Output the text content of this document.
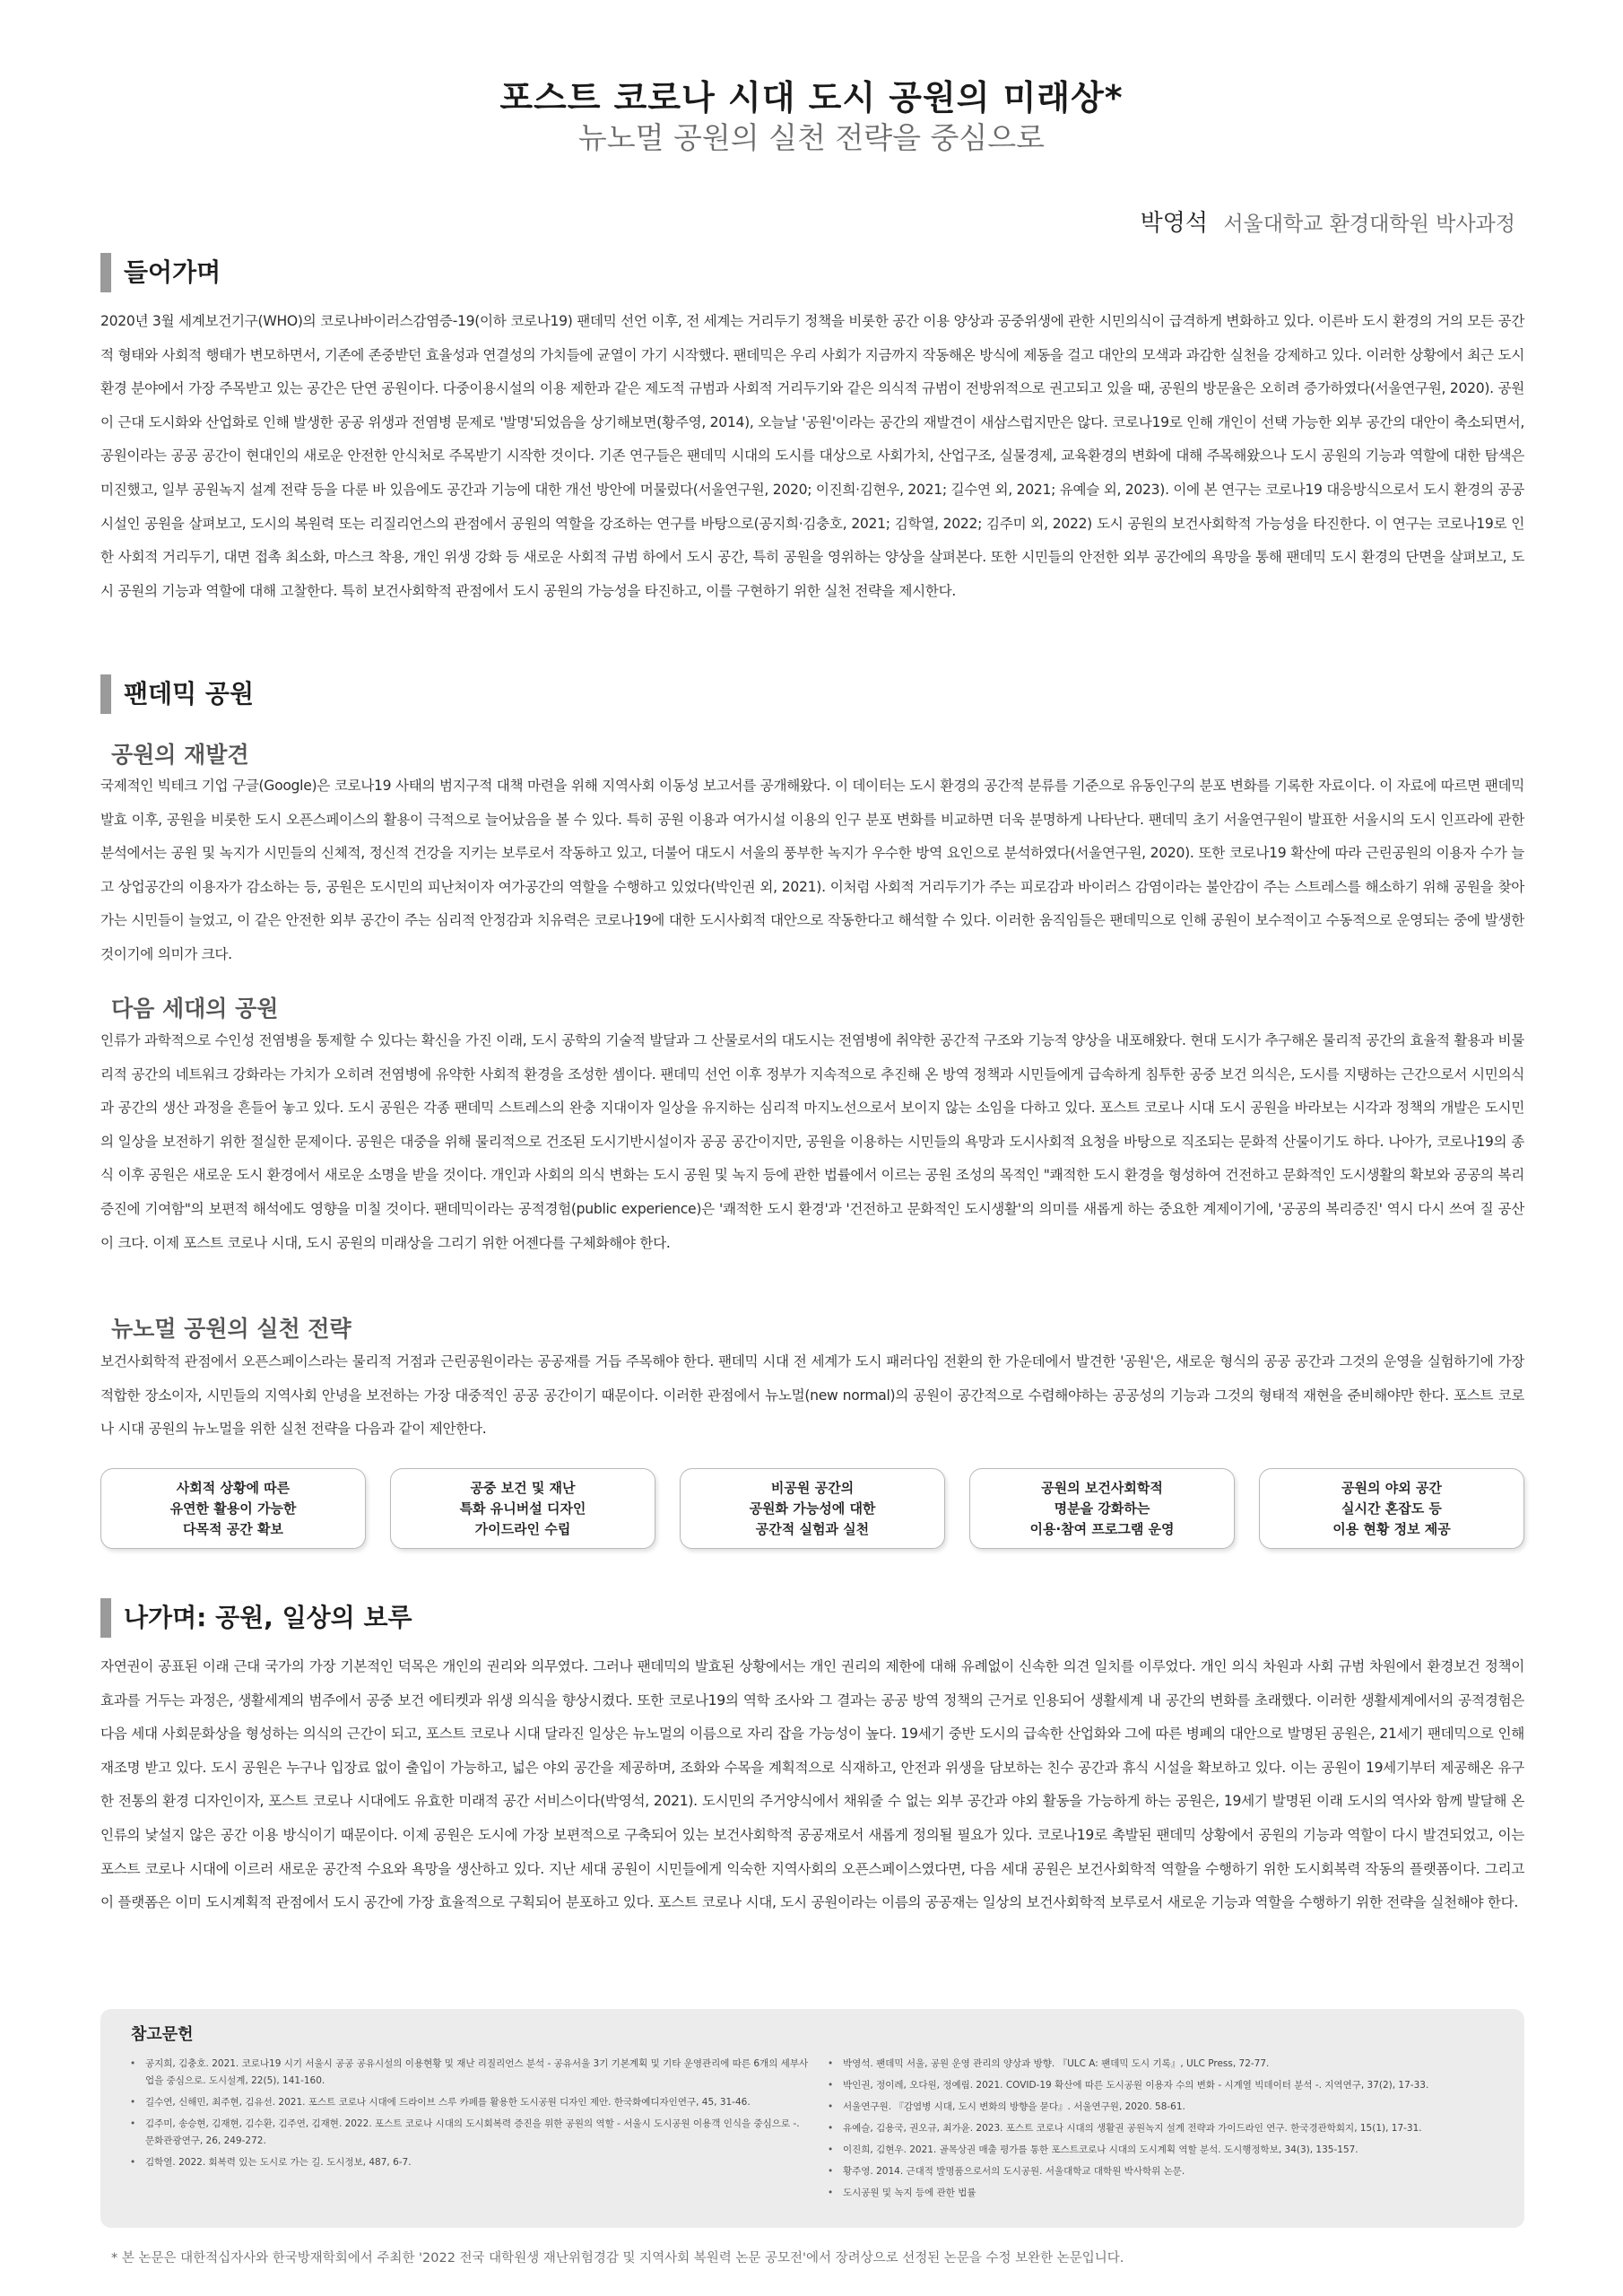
포스트 코로나 시대 도시 공원의 미래상*
뉴노멀 공원의 실천 전략을 중심으로
박영석 서울대학교 환경대학원 박사과정
들어가며
2020년 3월 세계보건기구(WHO)의 코로나바이러스감염증-19(이하 코로나19) 팬데믹 선언 이후, 전 세계는 거리두기 정책을 비롯한 공간 이용 양상과 공중위생에 관한 시민의식이 급격하게 변화하고 있다. 이른바 도시 환경의 거의 모든 공간적 형태와 사회적 행태가 변모하면서, 기존에 존중받던 효율성과 연결성의 가치들에 균열이 가기 시작했다. 팬데믹은 우리 사회가 지금까지 작동해온 방식에 제동을 걸고 대안의 모색과 과감한 실천을 강제하고 있다. 이러한 상황에서 최근 도시 환경 분야에서 가장 주목받고 있는 공간은 단연 공원이다. 다중이용시설의 이용 제한과 같은 제도적 규범과 사회적 거리두기와 같은 의식적 규범이 전방위적으로 권고되고 있을 때, 공원의 방문율은 오히려 증가하였다(서울연구원, 2020). 공원이 근대 도시화와 산업화로 인해 발생한 공공 위생과 전염병 문제로 '발명'되었음을 상기해보면(황주영, 2014), 오늘날 '공원'이라는 공간의 재발견이 새삼스럽지만은 않다. 코로나19로 인해 개인이 선택 가능한 외부 공간의 대안이 축소되면서, 공원이라는 공공 공간이 현대인의 새로운 안전한 안식처로 주목받기 시작한 것이다. 기존 연구들은 팬데믹 시대의 도시를 대상으로 사회가치, 산업구조, 실물경제, 교육환경의 변화에 대해 주목해왔으나 도시 공원의 기능과 역할에 대한 탐색은 미진했고, 일부 공원녹지 설계 전략 등을 다룬 바 있음에도 공간과 기능에 대한 개선 방안에 머물렀다(서울연구원, 2020; 이진희·김현우, 2021; 길수연 외, 2021; 유예슬 외, 2023). 이에 본 연구는 코로나19 대응방식으로서 도시 환경의 공공 시설인 공원을 살펴보고, 도시의 복원력 또는 리질리언스의 관점에서 공원의 역할을 강조하는 연구를 바탕으로(공지희·김충호, 2021; 김학열, 2022; 김주미 외, 2022) 도시 공원의 보건사회학적 가능성을 타진한다. 이 연구는 코로나19로 인한 사회적 거리두기, 대면 접촉 최소화, 마스크 착용, 개인 위생 강화 등 새로운 사회적 규범 하에서 도시 공간, 특히 공원을 영위하는 양상을 살펴본다. 또한 시민들의 안전한 외부 공간에의 욕망을 통해 팬데믹 도시 환경의 단면을 살펴보고, 도시 공원의 기능과 역할에 대해 고찰한다. 특히 보건사회학적 관점에서 도시 공원의 가능성을 타진하고, 이를 구현하기 위한 실천 전략을 제시한다.
팬데믹 공원
공원의 재발견
국제적인 빅테크 기업 구글(Google)은 코로나19 사태의 범지구적 대책 마련을 위해 지역사회 이동성 보고서를 공개해왔다. 이 데이터는 도시 환경의 공간적 분류를 기준으로 유동인구의 분포 변화를 기록한 자료이다. 이 자료에 따르면 팬데믹 발효 이후, 공원을 비롯한 도시 오픈스페이스의 활용이 극적으로 늘어났음을 볼 수 있다. 특히 공원 이용과 여가시설 이용의 인구 분포 변화를 비교하면 더욱 분명하게 나타난다. 팬데믹 초기 서울연구원이 발표한 서울시의 도시 인프라에 관한 분석에서는 공원 및 녹지가 시민들의 신체적, 정신적 건강을 지키는 보루로서 작동하고 있고, 더불어 대도시 서울의 풍부한 녹지가 우수한 방역 요인으로 분석하였다(서울연구원, 2020). 또한 코로나19 확산에 따라 근린공원의 이용자 수가 늘고 상업공간의 이용자가 감소하는 등, 공원은 도시민의 피난처이자 여가공간의 역할을 수행하고 있었다(박인권 외, 2021). 이처럼 사회적 거리두기가 주는 피로감과 바이러스 감염이라는 불안감이 주는 스트레스를 해소하기 위해 공원을 찾아 가는 시민들이 늘었고, 이 같은 안전한 외부 공간이 주는 심리적 안정감과 치유력은 코로나19에 대한 도시사회적 대안으로 작동한다고 해석할 수 있다. 이러한 움직임들은 팬데믹으로 인해 공원이 보수적이고 수동적으로 운영되는 중에 발생한 것이기에 의미가 크다.
다음 세대의 공원
인류가 과학적으로 수인성 전염병을 통제할 수 있다는 확신을 가진 이래, 도시 공학의 기술적 발달과 그 산물로서의 대도시는 전염병에 취약한 공간적 구조와 기능적 양상을 내포해왔다. 현대 도시가 추구해온 물리적 공간의 효율적 활용과 비물리적 공간의 네트워크 강화라는 가치가 오히려 전염병에 유약한 사회적 환경을 조성한 셈이다. 팬데믹 선언 이후 정부가 지속적으로 추진해 온 방역 정책과 시민들에게 급속하게 침투한 공중 보건 의식은, 도시를 지탱하는 근간으로서 시민의식과 공간의 생산 과정을 흔들어 놓고 있다. 도시 공원은 각종 팬데믹 스트레스의 완충 지대이자 일상을 유지하는 심리적 마지노선으로서 보이지 않는 소임을 다하고 있다. 포스트 코로나 시대 도시 공원을 바라보는 시각과 정책의 개발은 도시민의 일상을 보전하기 위한 절실한 문제이다. 공원은 대중을 위해 물리적으로 건조된 도시기반시설이자 공공 공간이지만, 공원을 이용하는 시민들의 욕망과 도시사회적 요청을 바탕으로 직조되는 문화적 산물이기도 하다. 나아가, 코로나19의 종식 이후 공원은 새로운 도시 환경에서 새로운 소명을 받을 것이다. 개인과 사회의 의식 변화는 도시 공원 및 녹지 등에 관한 법률에서 이르는 공원 조성의 목적인 "쾌적한 도시 환경을 형성하여 건전하고 문화적인 도시생활의 확보와 공공의 복리증진에 기여함"의 보편적 해석에도 영향을 미칠 것이다. 팬데믹이라는 공적경험(public experience)은 '쾌적한 도시 환경'과 '건전하고 문화적인 도시생활'의 의미를 새롭게 하는 중요한 계제이기에, '공공의 복리증진' 역시 다시 쓰여 질 공산이 크다. 이제 포스트 코로나 시대, 도시 공원의 미래상을 그리기 위한 어젠다를 구체화해야 한다.
뉴노멀 공원의 실천 전략
보건사회학적 관점에서 오픈스페이스라는 물리적 거점과 근린공원이라는 공공재를 거듭 주목해야 한다. 팬데믹 시대 전 세계가 도시 패러다임 전환의 한 가운데에서 발견한 '공원'은, 새로운 형식의 공공 공간과 그것의 운영을 실험하기에 가장 적합한 장소이자, 시민들의 지역사회 안녕을 보전하는 가장 대중적인 공공 공간이기 때문이다. 이러한 관점에서 뉴노멀(new normal)의 공원이 공간적으로 수렴해야하는 공공성의 기능과 그것의 형태적 재현을 준비해야만 한다. 포스트 코로나 시대 공원의 뉴노멀을 위한 실천 전략을 다음과 같이 제안한다.
사회적 상황에 따른
유연한 활용이 가능한
다목적 공간 확보
공중 보건 및 재난
특화 유니버설 디자인
가이드라인 수립
비공원 공간의
공원화 가능성에 대한
공간적 실험과 실천
공원의 보건사회학적
명분을 강화하는
이용·참여 프로그램 운영
공원의 야외 공간
실시간 혼잡도 등
이용 현황 정보 제공
나가며: 공원, 일상의 보루
자연권이 공표된 이래 근대 국가의 가장 기본적인 덕목은 개인의 권리와 의무였다. 그러나 팬데믹의 발효된 상황에서는 개인 권리의 제한에 대해 유례없이 신속한 의견 일치를 이루었다. 개인 의식 차원과 사회 규범 차원에서 환경보건 정책이 효과를 거두는 과정은, 생활세계의 범주에서 공중 보건 에티켓과 위생 의식을 향상시켰다. 또한 코로나19의 역학 조사와 그 결과는 공공 방역 정책의 근거로 인용되어 생활세계 내 공간의 변화를 초래했다. 이러한 생활세계에서의 공적경험은 다음 세대 사회문화상을 형성하는 의식의 근간이 되고, 포스트 코로나 시대 달라진 일상은 뉴노멀의 이름으로 자리 잡을 가능성이 높다. 19세기 중반 도시의 급속한 산업화와 그에 따른 병폐의 대안으로 발명된 공원은, 21세기 팬데믹으로 인해 재조명 받고 있다. 도시 공원은 누구나 입장료 없이 출입이 가능하고, 넓은 야외 공간을 제공하며, 조화와 수목을 계획적으로 식재하고, 안전과 위생을 담보하는 친수 공간과 휴식 시설을 확보하고 있다. 이는 공원이 19세기부터 제공해온 유구한 전통의 환경 디자인이자, 포스트 코로나 시대에도 유효한 미래적 공간 서비스이다(박영석, 2021). 도시민의 주거양식에서 채워줄 수 없는 외부 공간과 야외 활동을 가능하게 하는 공원은, 19세기 발명된 이래 도시의 역사와 함께 발달해 온 인류의 낯설지 않은 공간 이용 방식이기 때문이다. 이제 공원은 도시에 가장 보편적으로 구축되어 있는 보건사회학적 공공재로서 새롭게 정의될 필요가 있다. 코로나19로 촉발된 팬데믹 상황에서 공원의 기능과 역할이 다시 발견되었고, 이는 포스트 코로나 시대에 이르러 새로운 공간적 수요와 욕망을 생산하고 있다. 지난 세대 공원이 시민들에게 익숙한 지역사회의 오픈스페이스였다면, 다음 세대 공원은 보건사회학적 역할을 수행하기 위한 도시회복력 작동의 플랫폼이다. 그리고 이 플랫폼은 이미 도시계획적 관점에서 도시 공간에 가장 효율적으로 구획되어 분포하고 있다. 포스트 코로나 시대, 도시 공원이라는 이름의 공공재는 일상의 보건사회학적 보루로서 새로운 기능과 역할을 수행하기 위한 전략을 실천해야 한다.
참고문헌
• 공지희, 김충호. 2021. 코로나19 시기 서울시 공공 공유시설의 이용현황 및 재난 리질리언스 분석 - 공유서울 3기 기본계획 및 기타 운영관리에 따른 6개의 세부사업을 중심으로. 도시설계, 22(5), 141-160.
• 길수연, 신해민, 최주현, 김유선. 2021. 포스트 코로나 시대에 드라이브 스루 카페를 활용한 도시공원 디자인 제안. 한국화예디자인연구, 45, 31-46.
• 김주미, 송승현, 김재현, 김수환, 김주연, 김재현. 2022. 포스트 코로나 시대의 도시회복력 증진을 위한 공원의 역할 - 서울시 도시공원 이용객 인식을 중심으로 -. 문화관광연구, 26, 249-272.
• 김학열. 2022. 회복력 있는 도시로 가는 길. 도시정보, 487, 6-7.
• 박영석. 팬데믹 서울, 공원 운영 관리의 양상과 방향. 『ULC A: 팬데믹 도시 기록』, ULC Press, 72-77.
• 박인권, 정이레, 오다원, 정예림. 2021. COVID-19 확산에 따른 도시공원 이용자 수의 변화 - 시계열 빅데이터 분석 -. 지역연구, 37(2), 17-33.
• 서울연구원. 『감염병 시대, 도시 변화의 방향을 묻다』. 서울연구원, 2020. 58-61.
• 유예슬, 김용국, 권오규, 최가윤. 2023. 포스트 코로나 시대의 생활권 공원녹지 설계 전략과 가이드라인 연구. 한국경관학회지, 15(1), 17-31.
• 이진희, 김현우. 2021. 골목상권 매출 평가를 통한 포스트코로나 시대의 도시계획 역할 분석. 도시행정학보, 34(3), 135-157.
• 황주영. 2014. 근대적 발명품으로서의 도시공원. 서울대학교 대학원 박사학위 논문.
• 도시공원 및 녹지 등에 관한 법률
* 본 논문은 대한적십자사와 한국방재학회에서 주최한 '2022 전국 대학원생 재난위험경감 및 지역사회 복원력 논문 공모전'에서 장려상으로 선정된 논문을 수정 보완한 논문입니다.
